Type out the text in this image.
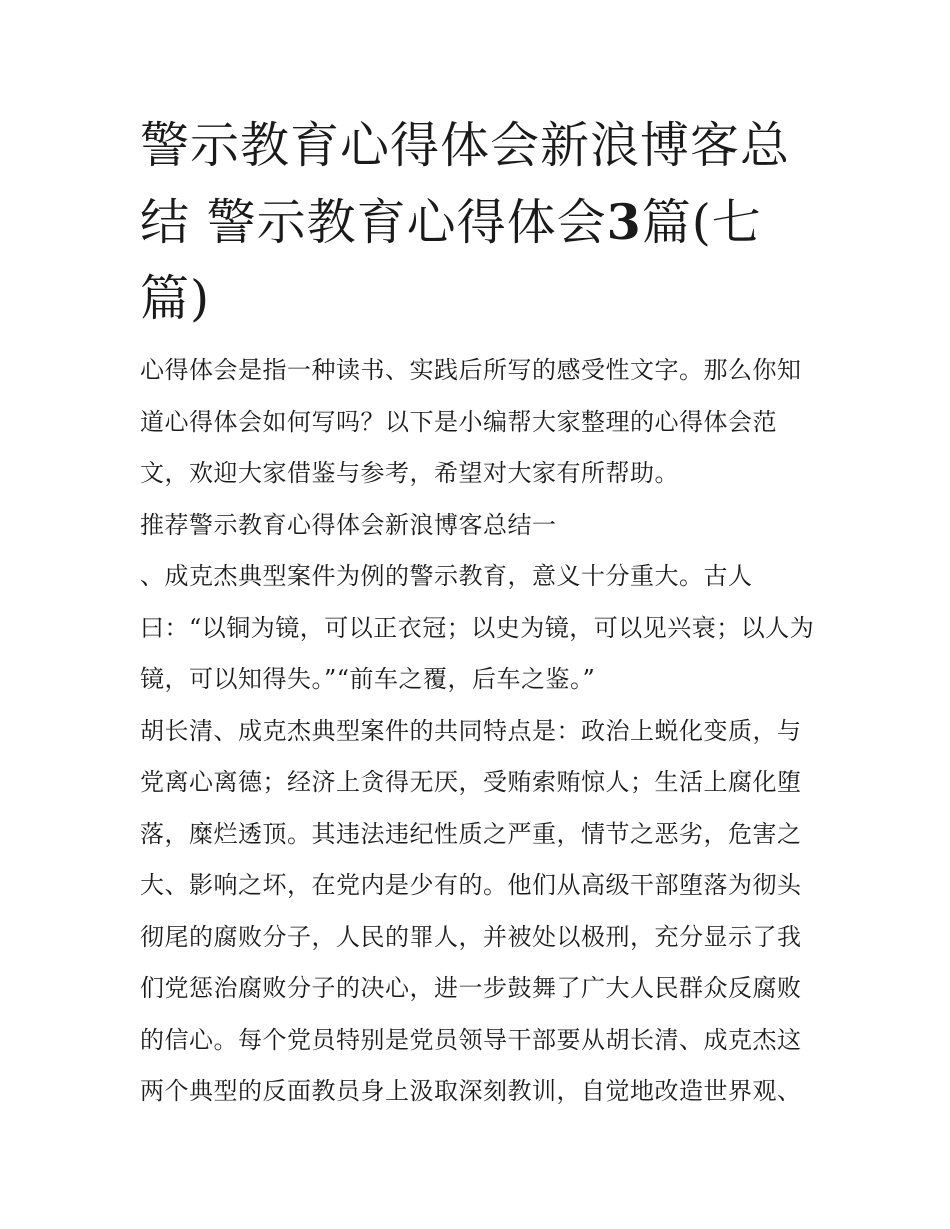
警示教育心得体会新浪博客总结 警示教育心得体会3篇(七篇)

心得体会是指一种读书、实践后所写的感受性文字。那么你知道心得体会如何写吗？以下是小编帮大家整理的心得体会范文，欢迎大家借鉴与参考，希望对大家有所帮助。

推荐警示教育心得体会新浪博客总结一

、成克杰典型案件为例的警示教育，意义十分重大。古人曰：“以铜为镜，可以正衣冠；以史为镜，可以见兴衰；以人为镜，可以知得失。”“前车之覆，后车之鉴。”

胡长清、成克杰典型案件的共同特点是：政治上蜕化变质，与党离心离德；经济上贪得无厌，受贿索贿惊人；生活上腐化堕落，糜烂透顶。其违法违纪性质之严重，情节之恶劣，危害之大、影响之坏，在党内是少有的。他们从高级干部堕落为彻头彻尾的腐败分子，人民的罪人，并被处以极刑，充分显示了我们党惩治腐败分子的决心，进一步鼓舞了广大人民群众反腐败的信心。每个党员特别是党员领导干部要从胡长清、成克杰这两个典型的反面教员身上汲取深刻教训，自觉地改造世界观、
